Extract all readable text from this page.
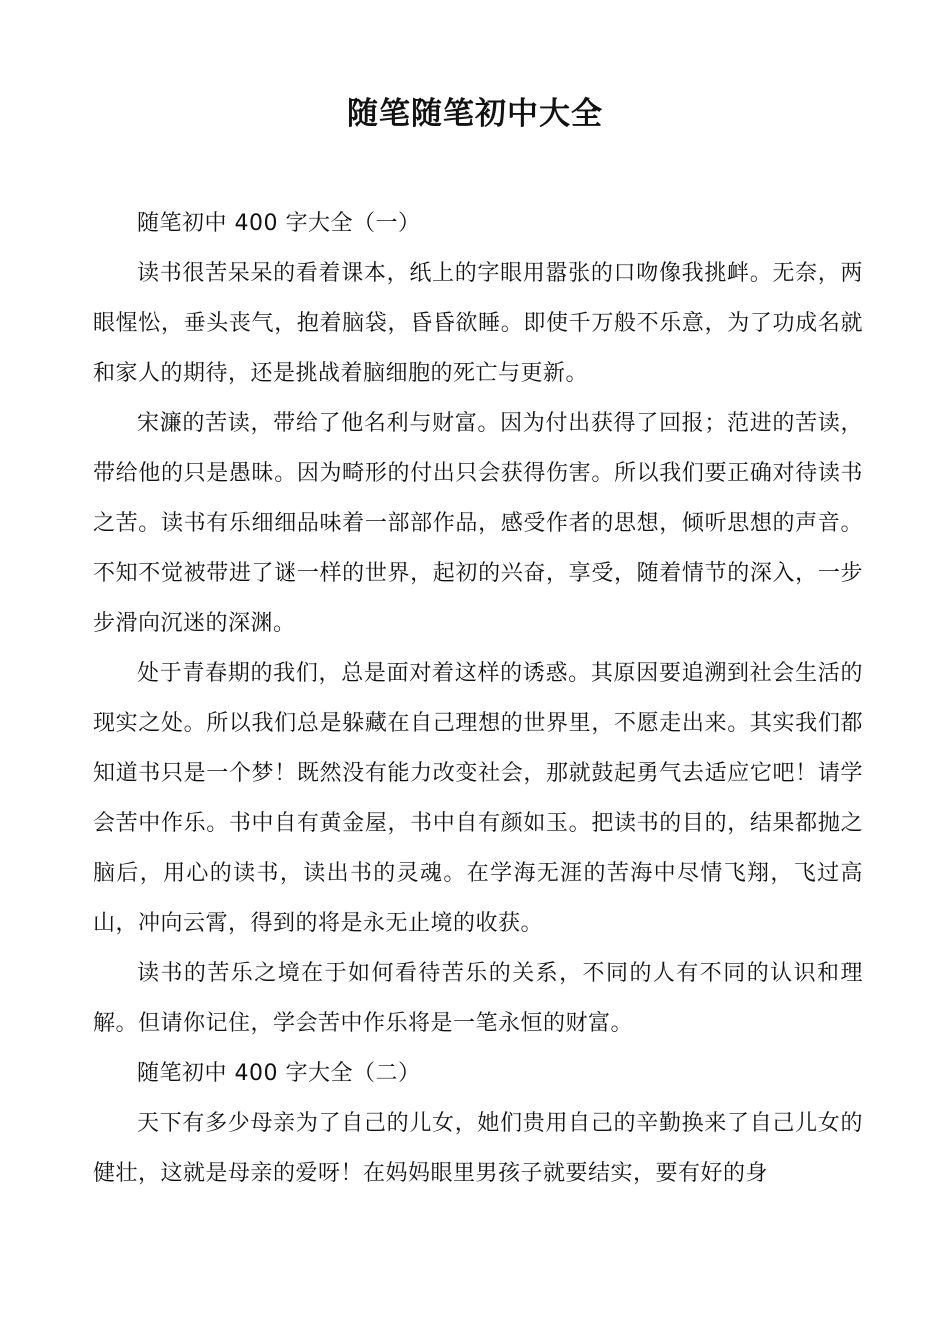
随笔随笔初中大全

随笔初中 400 字大全（一）

读书很苦呆呆的看着课本，纸上的字眼用嚣张的口吻像我挑衅。无奈，两眼惺忪，垂头丧气，抱着脑袋，昏昏欲睡。即使千万般不乐意，为了功成名就和家人的期待，还是挑战着脑细胞的死亡与更新。

宋濂的苦读，带给了他名利与财富。因为付出获得了回报；范进的苦读，带给他的只是愚昧。因为畸形的付出只会获得伤害。所以我们要正确对待读书之苦。读书有乐细细品味着一部部作品，感受作者的思想，倾听思想的声音。不知不觉被带进了谜一样的世界，起初的兴奋，享受，随着情节的深入，一步步滑向沉迷的深渊。

处于青春期的我们，总是面对着这样的诱惑。其原因要追溯到社会生活的现实之处。所以我们总是躲藏在自己理想的世界里，不愿走出来。其实我们都知道书只是一个梦！既然没有能力改变社会，那就鼓起勇气去适应它吧！请学会苦中作乐。书中自有黄金屋，书中自有颜如玉。把读书的目的，结果都抛之脑后，用心的读书，读出书的灵魂。在学海无涯的苦海中尽情飞翔，飞过高山，冲向云霄，得到的将是永无止境的收获。

读书的苦乐之境在于如何看待苦乐的关系，不同的人有不同的认识和理解。但请你记住，学会苦中作乐将是一笔永恒的财富。

随笔初中 400 字大全（二）

天下有多少母亲为了自己的儿女，她们贵用自己的辛勤换来了自己儿女的健壮，这就是母亲的爱呀！在妈妈眼里男孩子就要结实，要有好的身
